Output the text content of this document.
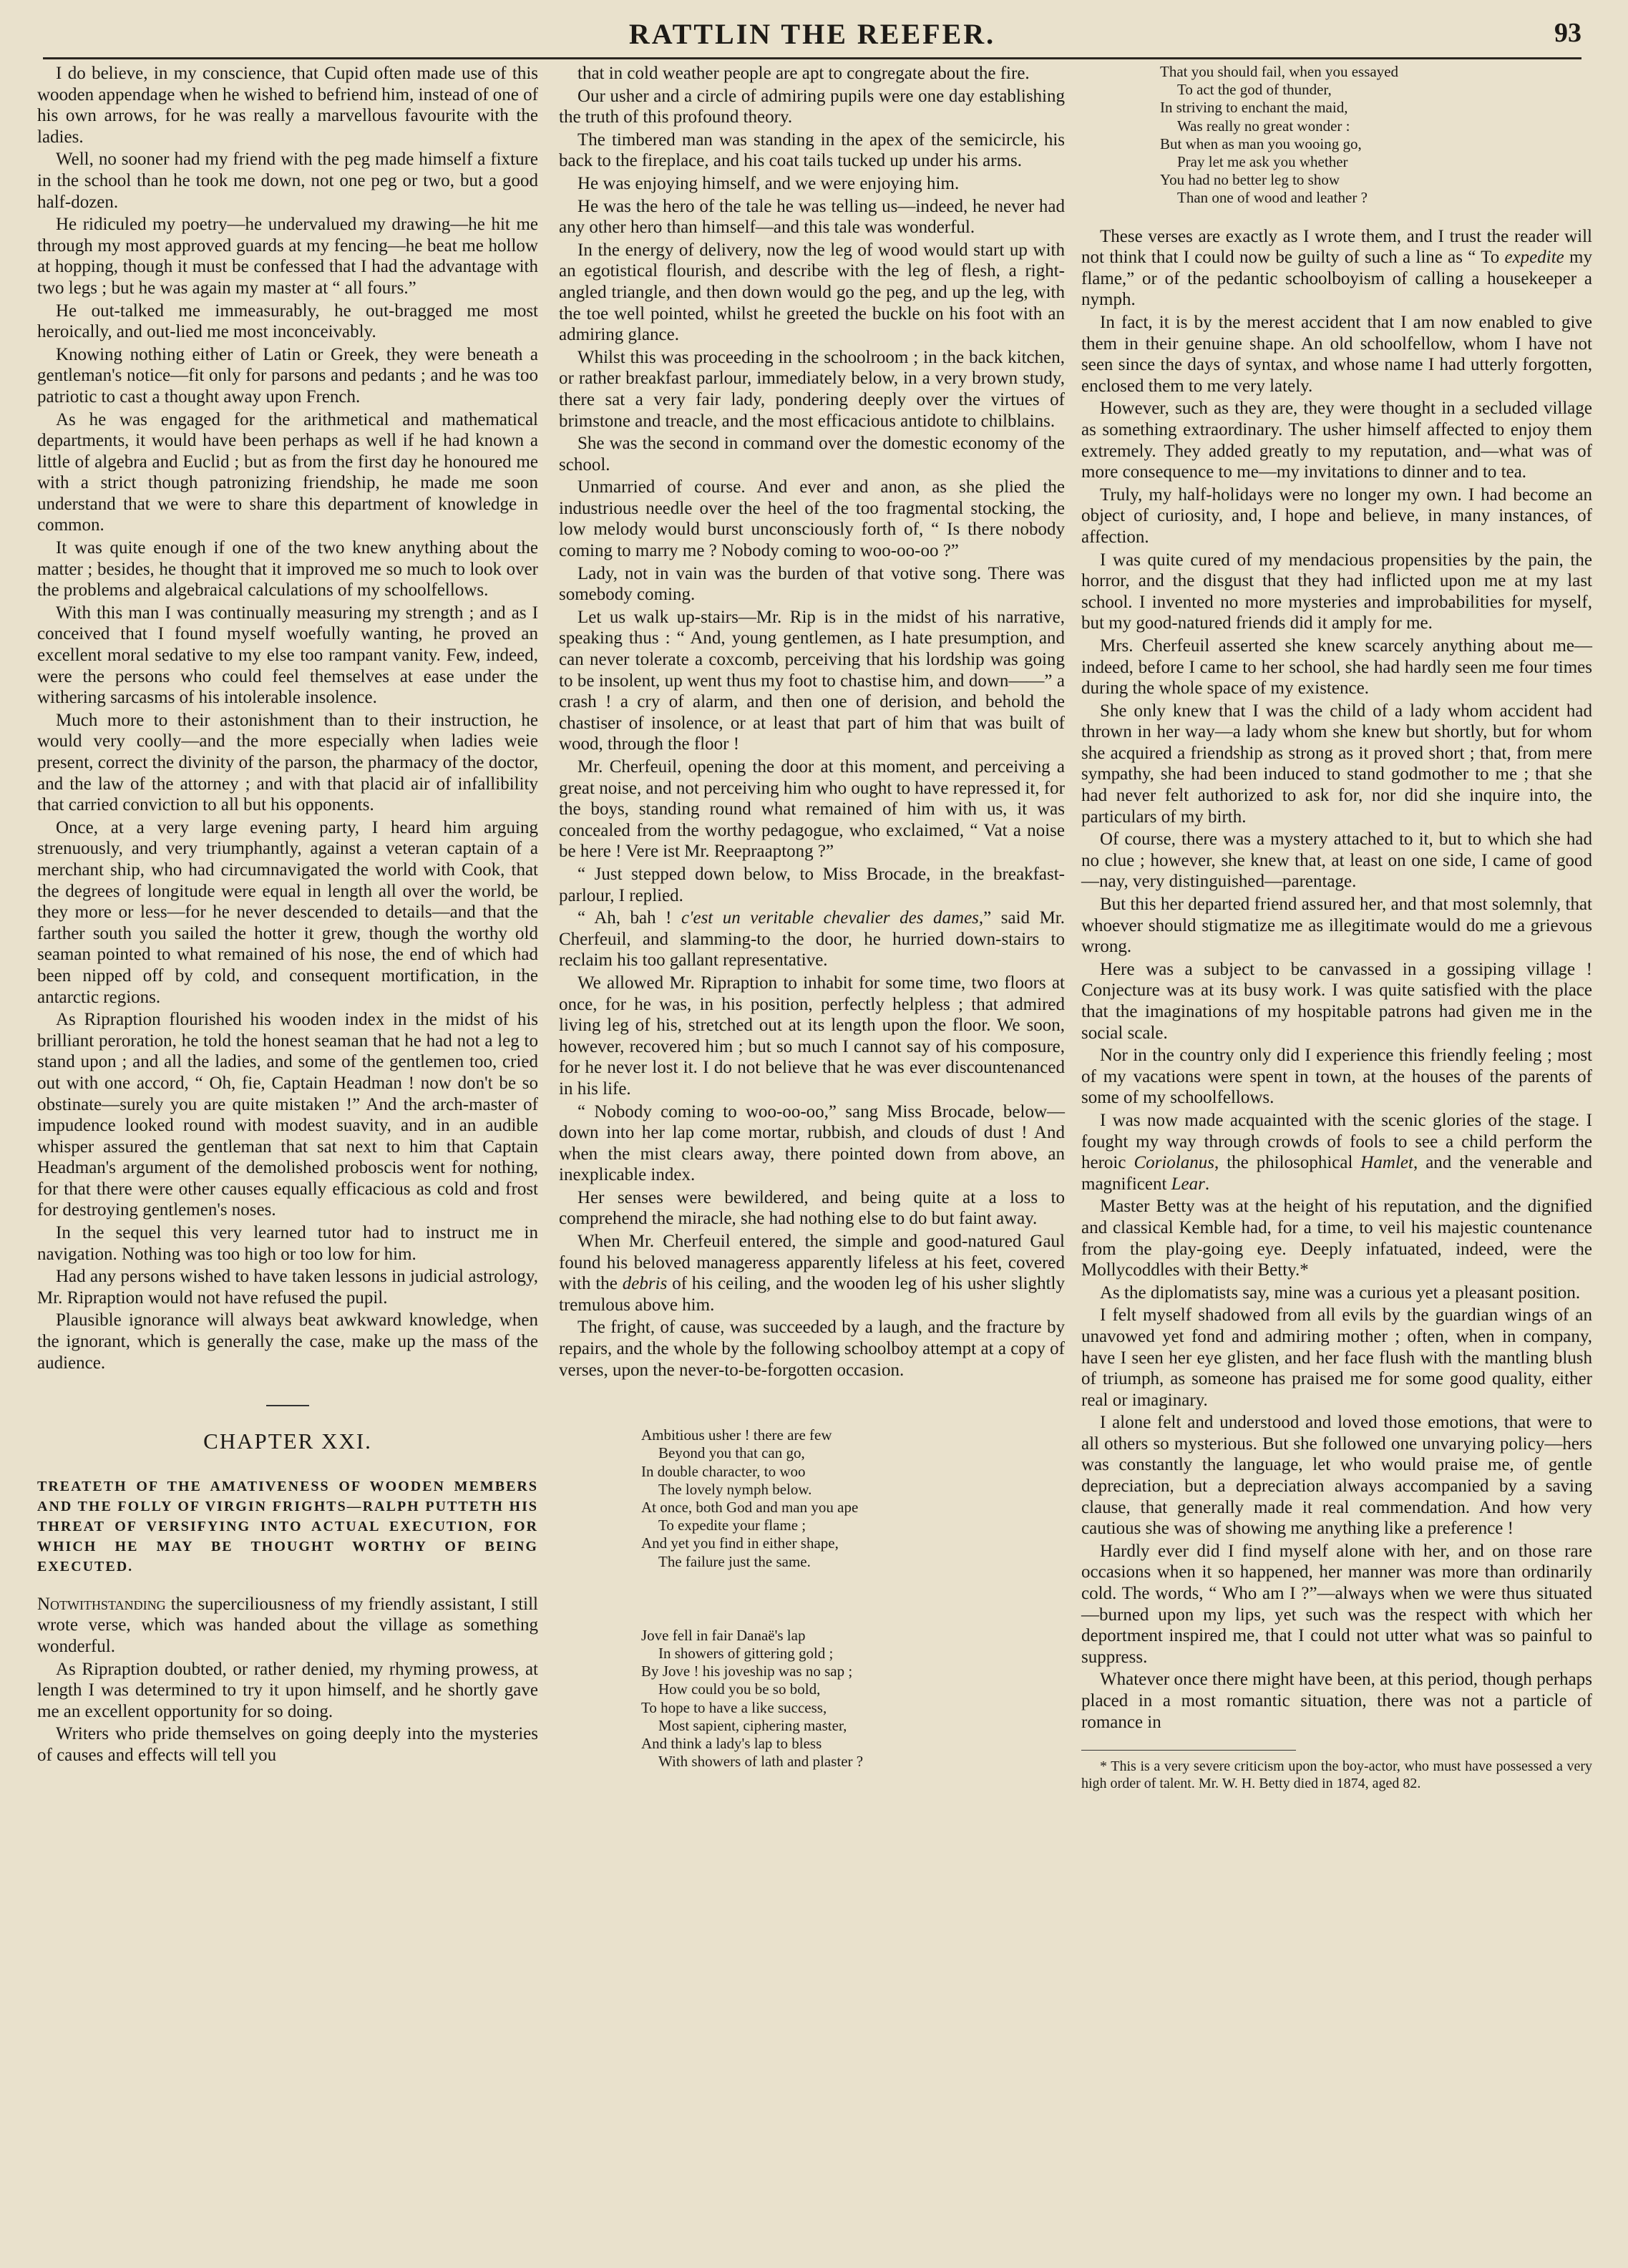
RATTLIN THE REEFER.	93

I do believe, in my conscience, that Cupid often made use of this wooden appendage when he wished to befriend him, instead of one of his own arrows, for he was really a marvellous favourite with the ladies.

Well, no sooner had my friend with the peg made himself a fixture in the school than he took me down, not one peg or two, but a good half-dozen.

He ridiculed my poetry—he undervalued my drawing—he hit me through my most approved guards at my fencing—he beat me hollow at hopping, though it must be confessed that I had the advantage with two legs ; but he was again my master at “ all fours.”

He out-talked me immeasurably, he out-bragged me most heroically, and out-lied me most inconceivably.

Knowing nothing either of Latin or Greek, they were beneath a gentleman's notice—fit only for parsons and pedants ; and he was too patriotic to cast a thought away upon French.

As he was engaged for the arithmetical and mathematical departments, it would have been perhaps as well if he had known a little of algebra and Euclid ; but as from the first day he honoured me with a strict though patronizing friendship, he made me soon understand that we were to share this department of knowledge in common.

It was quite enough if one of the two knew anything about the matter ; besides, he thought that it improved me so much to look over the problems and algebraical calculations of my schoolfellows.

With this man I was continually measuring my strength ; and as I conceived that I found myself woefully wanting, he proved an excellent moral sedative to my else too rampant vanity. Few, indeed, were the persons who could feel themselves at ease under the withering sarcasms of his intolerable insolence.

Much more to their astonishment than to their instruction, he would very coolly—and the more especially when ladies weie present, correct the divinity of the parson, the pharmacy of the doctor, and the law of the attorney ; and with that placid air of infallibility that carried conviction to all but his opponents.

Once, at a very large evening party, I heard him arguing strenuously, and very triumphantly, against a veteran captain of a merchant ship, who had circumnavigated the world with Cook, that the degrees of longitude were equal in length all over the world, be they more or less—for he never descended to details—and that the farther south you sailed the hotter it grew, though the worthy old seaman pointed to what remained of his nose, the end of which had been nipped off by cold, and consequent mortification, in the antarctic regions.

As Ripraption flourished his wooden index in the midst of his brilliant peroration, he told the honest seaman that he had not a leg to stand upon ; and all the ladies, and some of the gentlemen too, cried out with one accord, “ Oh, fie, Captain Headman ! now don't be so obstinate—surely you are quite mistaken !” And the arch-master of impudence looked round with modest suavity, and in an audible whisper assured the gentleman that sat next to him that Captain Headman's argument of the demolished proboscis went for nothing, for that there were other causes equally efficacious as cold and frost for destroying gentlemen's noses.

In the sequel this very learned tutor had to instruct me in navigation. Nothing was too high or too low for him.

Had any persons wished to have taken lessons in judicial astrology, Mr. Ripraption would not have refused the pupil.

Plausible ignorance will always beat awkward knowledge, when the ignorant, which is generally the case, make up the mass of the audience.

CHAPTER XXI.
TREATETH OF THE AMATIVENESS OF WOODEN MEMBERS AND THE FOLLY OF VIRGIN FRIGHTS—RALPH PUTTETH HIS THREAT OF VERSIFYING INTO ACTUAL EXECUTION, FOR WHICH HE MAY BE THOUGHT WORTHY OF BEING EXECUTED.

Notwithstanding the superciliousness of my friendly assistant, I still wrote verse, which was handed about the village as something wonderful.

As Ripraption doubted, or rather denied, my rhyming prowess, at length I was determined to try it upon himself, and he shortly gave me an excellent opportunity for so doing.

Writers who pride themselves on going deeply into the mysteries of causes and effects will tell you

that in cold weather people are apt to congregate about the fire.

Our usher and a circle of admiring pupils were one day establishing the truth of this profound theory.

The timbered man was standing in the apex of the semicircle, his back to the fireplace, and his coat tails tucked up under his arms.

He was enjoying himself, and we were enjoying him.

He was the hero of the tale he was telling us—indeed, he never had any other hero than himself—and this tale was wonderful.

In the energy of delivery, now the leg of wood would start up with an egotistical flourish, and describe with the leg of flesh, a right-angled triangle, and then down would go the peg, and up the leg, with the toe well pointed, whilst he greeted the buckle on his foot with an admiring glance.

Whilst this was proceeding in the schoolroom ; in the back kitchen, or rather breakfast parlour, immediately below, in a very brown study, there sat a very fair lady, pondering deeply over the virtues of brimstone and treacle, and the most efficacious antidote to chilblains.

She was the second in command over the domestic economy of the school.

Unmarried of course. And ever and anon, as she plied the industrious needle over the heel of the too fragmental stocking, the low melody would burst unconsciously forth of, “ Is there nobody coming to marry me ? Nobody coming to woo-oo-oo ?”

Lady, not in vain was the burden of that votive song. There was somebody coming.

Let us walk up-stairs—Mr. Rip is in the midst of his narrative, speaking thus : “ And, young gentlemen, as I hate presumption, and can never tolerate a coxcomb, perceiving that his lordship was going to be insolent, up went thus my foot to chastise him, and down——” a crash ! a cry of alarm, and then one of derision, and behold the chastiser of insolence, or at least that part of him that was built of wood, through the floor !

Mr. Cherfeuil, opening the door at this moment, and perceiving a great noise, and not perceiving him who ought to have repressed it, for the boys, standing round what remained of him with us, it was concealed from the worthy pedagogue, who exclaimed, “ Vat a noise be here ! Vere ist Mr. Reepraaptong ?”

“ Just stepped down below, to Miss Brocade, in the breakfast-parlour, I replied.

“ Ah, bah ! c'est un veritable chevalier des dames,” said Mr. Cherfeuil, and slamming-to the door, he hurried down-stairs to reclaim his too gallant representative.

We allowed Mr. Ripraption to inhabit for some time, two floors at once, for he was, in his position, perfectly helpless ; that admired living leg of his, stretched out at its length upon the floor. We soon, however, recovered him ; but so much I cannot say of his composure, for he never lost it. I do not believe that he was ever discountenanced in his life.

“ Nobody coming to woo-oo-oo,” sang Miss Brocade, below—down into her lap come mortar, rubbish, and clouds of dust ! And when the mist clears away, there pointed down from above, an inexplicable index.

Her senses were bewildered, and being quite at a loss to comprehend the miracle, she had nothing else to do but faint away.

When Mr. Cherfeuil entered, the simple and good-natured Gaul found his beloved manageress apparently lifeless at his feet, covered with the debris of his ceiling, and the wooden leg of his usher slightly tremulous above him.

The fright, of cause, was succeeded by a laugh, and the fracture by repairs, and the whole by the following schoolboy attempt at a copy of verses, upon the never-to-be-forgotten occasion.

Ambitious usher ! there are few
Beyond you that can go,
In double character, to woo
The lovely nymph below.
At once, both God and man you ape
To expedite your flame ;
And yet you find in either shape,
The failure just the same.
Jove fell in fair Danaë's lap
In showers of gittering gold ;
By Jove ! his joveship was no sap ;
How could you be so bold,
To hope to have a like success,
Most sapient, ciphering master,
And think a lady's lap to bless
With showers of lath and plaster ?
That you should fail, when you essayed
To act the god of thunder,
In striving to enchant the maid,
Was really no great wonder :
But when as man you wooing go,
Pray let me ask you whether
You had no better leg to show
Than one of wood and leather ?

These verses are exactly as I wrote them, and I trust the reader will not think that I could now be guilty of such a line as “ To expedite my flame,” or of the pedantic schoolboyism of calling a housekeeper a nymph.

In fact, it is by the merest accident that I am now enabled to give them in their genuine shape. An old schoolfellow, whom I have not seen since the days of syntax, and whose name I had utterly forgotten, enclosed them to me very lately.

However, such as they are, they were thought in a secluded village as something extraordinary. The usher himself affected to enjoy them extremely. They added greatly to my reputation, and—what was of more consequence to me—my invitations to dinner and to tea.

Truly, my half-holidays were no longer my own. I had become an object of curiosity, and, I hope and believe, in many instances, of affection.

I was quite cured of my mendacious propensities by the pain, the horror, and the disgust that they had inflicted upon me at my last school. I invented no more mysteries and improbabilities for myself, but my good-natured friends did it amply for me.

Mrs. Cherfeuil asserted she knew scarcely anything about me—indeed, before I came to her school, she had hardly seen me four times during the whole space of my existence.

She only knew that I was the child of a lady whom accident had thrown in her way—a lady whom she knew but shortly, but for whom she acquired a friendship as strong as it proved short ; that, from mere sympathy, she had been induced to stand godmother to me ; that she had never felt authorized to ask for, nor did she inquire into, the particulars of my birth.

Of course, there was a mystery attached to it, but to which she had no clue ; however, she knew that, at least on one side, I came of good—nay, very distinguished—parentage.

But this her departed friend assured her, and that most solemnly, that whoever should stigmatize me as illegitimate would do me a grievous wrong.

Here was a subject to be canvassed in a gossiping village ! Conjecture was at its busy work. I was quite satisfied with the place that the imaginations of my hospitable patrons had given me in the social scale.

Nor in the country only did I experience this friendly feeling ; most of my vacations were spent in town, at the houses of the parents of some of my schoolfellows.

I was now made acquainted with the scenic glories of the stage. I fought my way through crowds of fools to see a child perform the heroic Coriolanus, the philosophical Hamlet, and the venerable and magnificent Lear.

Master Betty was at the height of his reputation, and the dignified and classical Kemble had, for a time, to veil his majestic countenance from the play-going eye. Deeply infatuated, indeed, were the Mollycoddles with their Betty.*

As the diplomatists say, mine was a curious yet a pleasant position.

I felt myself shadowed from all evils by the guardian wings of an unavowed yet fond and admiring mother ; often, when in company, have I seen her eye glisten, and her face flush with the mantling blush of triumph, as someone has praised me for some good quality, either real or imaginary.

I alone felt and understood and loved those emotions, that were to all others so mysterious. But she followed one unvarying policy—hers was constantly the language, let who would praise me, of gentle depreciation, but a depreciation always accompanied by a saving clause, that generally made it real commendation. And how very cautious she was of showing me anything like a preference !

Hardly ever did I find myself alone with her, and on those rare occasions when it so happened, her manner was more than ordinarily cold. The words, “ Who am I ?”—always when we were thus situated—burned upon my lips, yet such was the respect with which her deportment inspired me, that I could not utter what was so painful to suppress.

Whatever once there might have been, at this period, though perhaps placed in a most romantic situation, there was not a particle of romance in

* This is a very severe criticism upon the boy-actor, who must have possessed a very high order of talent. Mr. W. H. Betty died in 1874, aged 82.
